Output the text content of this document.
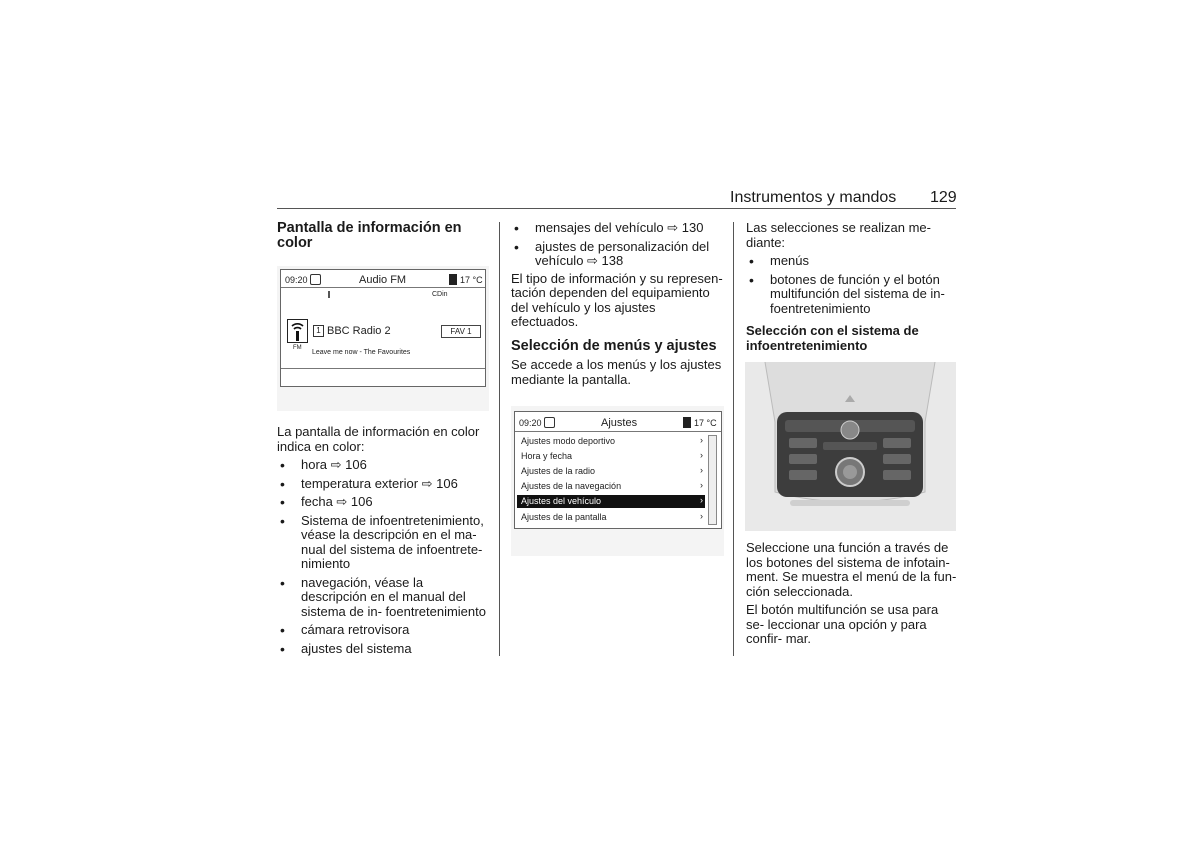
Instrumentos y mandos 129
Pantalla de información en color
09:20	Audio FM	17 °C
CDin
FM
1 BBC Radio 2	FAV 1
Leave me now - The Favourites

La pantalla de información en color indica en color:

• hora ⇨ 106
• temperatura exterior ⇨ 106
• fecha ⇨ 106
• Sistema de infoentretenimiento, véase la descripción en el ma- nual del sistema de infoentrete- nimiento
• navegación, véase la descripción en el manual del sistema de in- foentretenimiento
• cámara retrovisora
• ajustes del sistema
• mensajes del vehículo ⇨ 130
• ajustes de personalización del vehículo ⇨ 138

El tipo de información y su represen- tación dependen del equipamiento del vehículo y los ajustes efectuados.

Selección de menús y ajustes

Se accede a los menús y los ajustes mediante la pantalla.

09:20	Ajustes	17 °C
Ajustes modo deportivo	›
Hora y fecha	›
Ajustes de la radio	›
Ajustes de la navegación	›
Ajustes del vehículo	›
Ajustes de la pantalla	›

Las selecciones se realizan me- diante:

• menús
• botones de función y el botón multifunción del sistema de in- foentretenimiento
Selección con el sistema de infoentretenimiento

Seleccione una función a través de los botones del sistema de infotain- ment. Se muestra el menú de la fun- ción seleccionada.

El botón multifunción se usa para se- leccionar una opción y para confir- mar.
